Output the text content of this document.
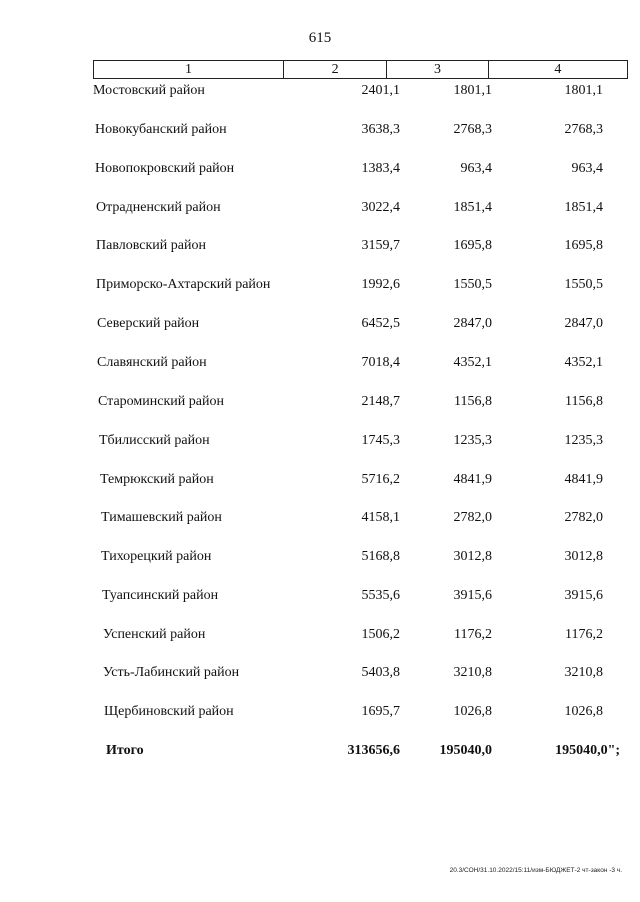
615
1	2	3	4
Мостовский район	2401,1	1801,1	1801,1
Новокубанский район	3638,3	2768,3	2768,3
Новопокровский район	1383,4	963,4	963,4
Отрадненский район	3022,4	1851,4	1851,4
Павловский район	3159,7	1695,8	1695,8
Приморско-Ахтарский район	1992,6	1550,5	1550,5
Северский район	6452,5	2847,0	2847,0
Славянский район	7018,4	4352,1	4352,1
Староминский район	2148,7	1156,8	1156,8
Тбилисский район	1745,3	1235,3	1235,3
Темрюкский район	5716,2	4841,9	4841,9
Тимашевский район	4158,1	2782,0	2782,0
Тихорецкий район	5168,8	3012,8	3012,8
Туапсинский район	5535,6	3915,6	3915,6
Успенский район	1506,2	1176,2	1176,2
Усть-Лабинский район	5403,8	3210,8	3210,8
Щербиновский район	1695,7	1026,8	1026,8
Итого	313656,6	195040,0	195040,0";
20.3/СОН/31.10.2022/15:11/изм-БЮДЖЕТ-2 чт-закон -3 ч.
